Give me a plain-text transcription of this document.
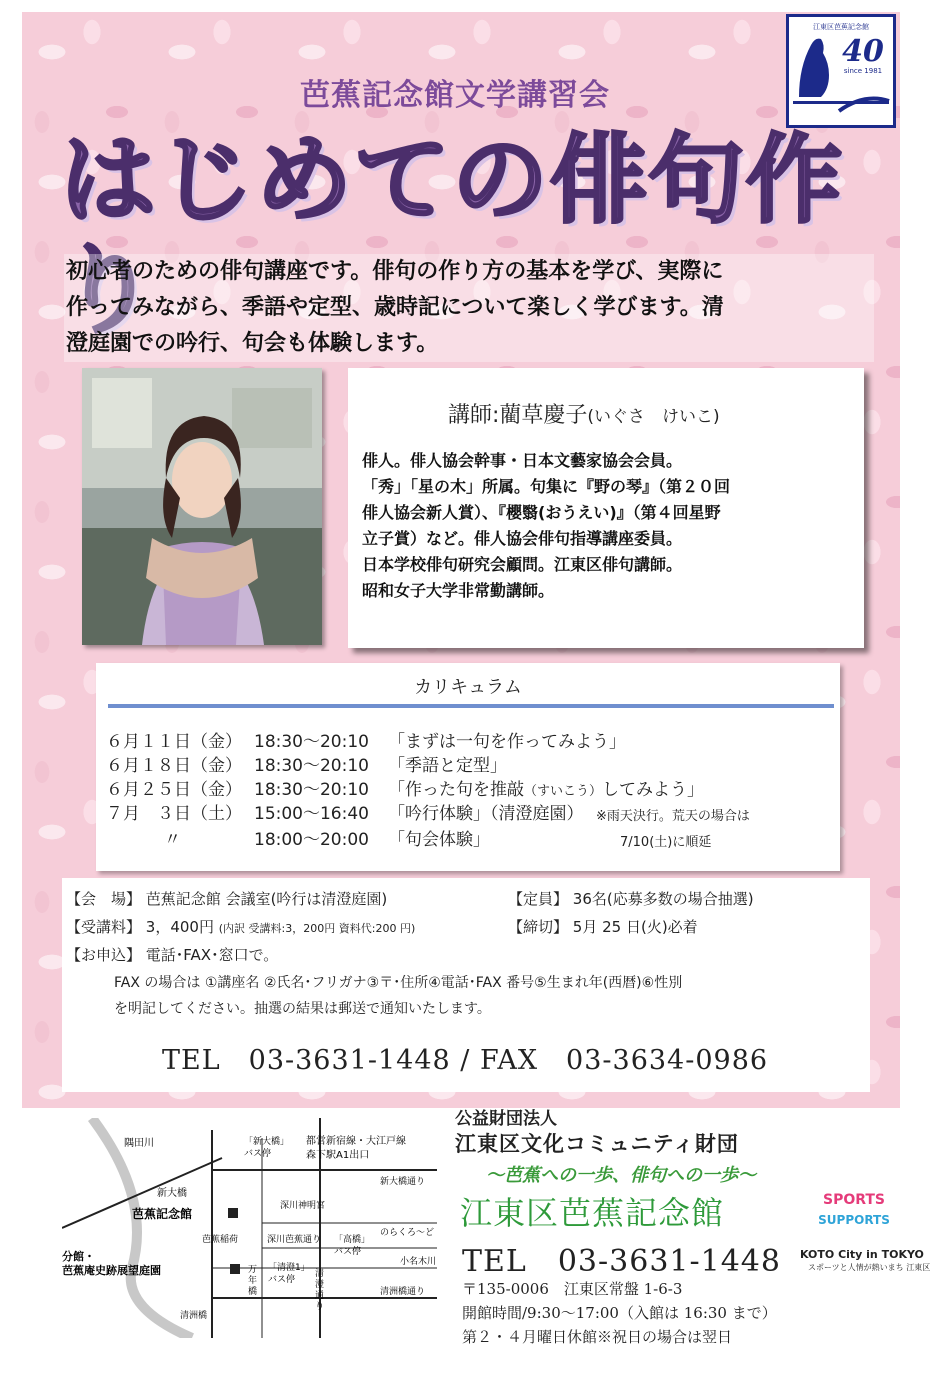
江東区芭蕉記念館
40
since 1981
芭蕉記念館文学講習会
はじめての俳句作り
初心者のための俳句講座です。俳句の作り方の基本を学び、実際に
作ってみながら、季語や定型、歳時記について楽しく学びます。清
澄庭園での吟行、句会も体験します。
講師:藺草慶子(いぐさ　けいこ)
俳人。俳人協会幹事・日本文藝家協会会員。
「秀」「星の木」所属。句集に『野の琴』（第２０回
俳人協会新人賞）、『櫻翳(おうえい)』（第４回星野
立子賞）など。俳人協会俳句指導講座委員。
日本学校俳句研究会顧問。江東区俳句講師。
昭和女子大学非常勤講師。
カリキュラム
６月１１日（金） 18:30～20:10 「まずは一句を作ってみよう」
６月１８日（金） 18:30～20:10 「季語と定型」
６月２５日（金） 18:30～20:10 「作った句を推敲（すいこう）してみよう」
７月　３日（土） 15:00～16:40 「吟行体験」（清澄庭園） ※雨天決行。荒天の場合は
〃	18:00～20:00 「句会体験」	7/10(土)に順延
【会　場】 芭蕉記念館 会議室(吟行は清澄庭園)	【定員】 36名(応募多数の場合抽選)
【受講料】 3，400円 (内訳 受講料:3，200円 資料代:200 円)	【締切】 5月 25 日(火)必着
【お申込】 電話･FAX･窓口で。
FAX の場合は ①講座名 ②氏名･フリガナ③〒･住所④電話･FAX 番号⑤生まれ年(西暦)⑥性別
を明記してください。抽選の結果は郵送で通知いたします。
TEL　03-3631-1448 / FAX　03-3634-0986
隅田川
新大橋
「新大橋」
バス停
都営新宿線・大江戸線
森下駅A1出口
新大橋通り
深川神明宮
芭蕉記念館
のらくろ～ど
芭蕉稲荷	深川芭蕉通り 「高橋」
バス停
小名木川
分館・
芭蕉庵史跡展望庭園	万
年
橋
「清澄1」
バス停
清
澄
通
り
清洲橋通り
清洲橋
公益財団法人
江東区文化コミュニティ財団
～芭蕉への一歩、俳句への一歩～
江東区芭蕉記念館
TEL　03-3631-1448
〒135-0006　江東区常盤 1-6-3
開館時間/9:30～17:00（入館は 16:30 まで）
第２・４月曜日休館※祝日の場合は翌日
SPORTS
SUPPORTS
KOTO City in TOKYO
スポーツと人情が熱いまち 江東区
